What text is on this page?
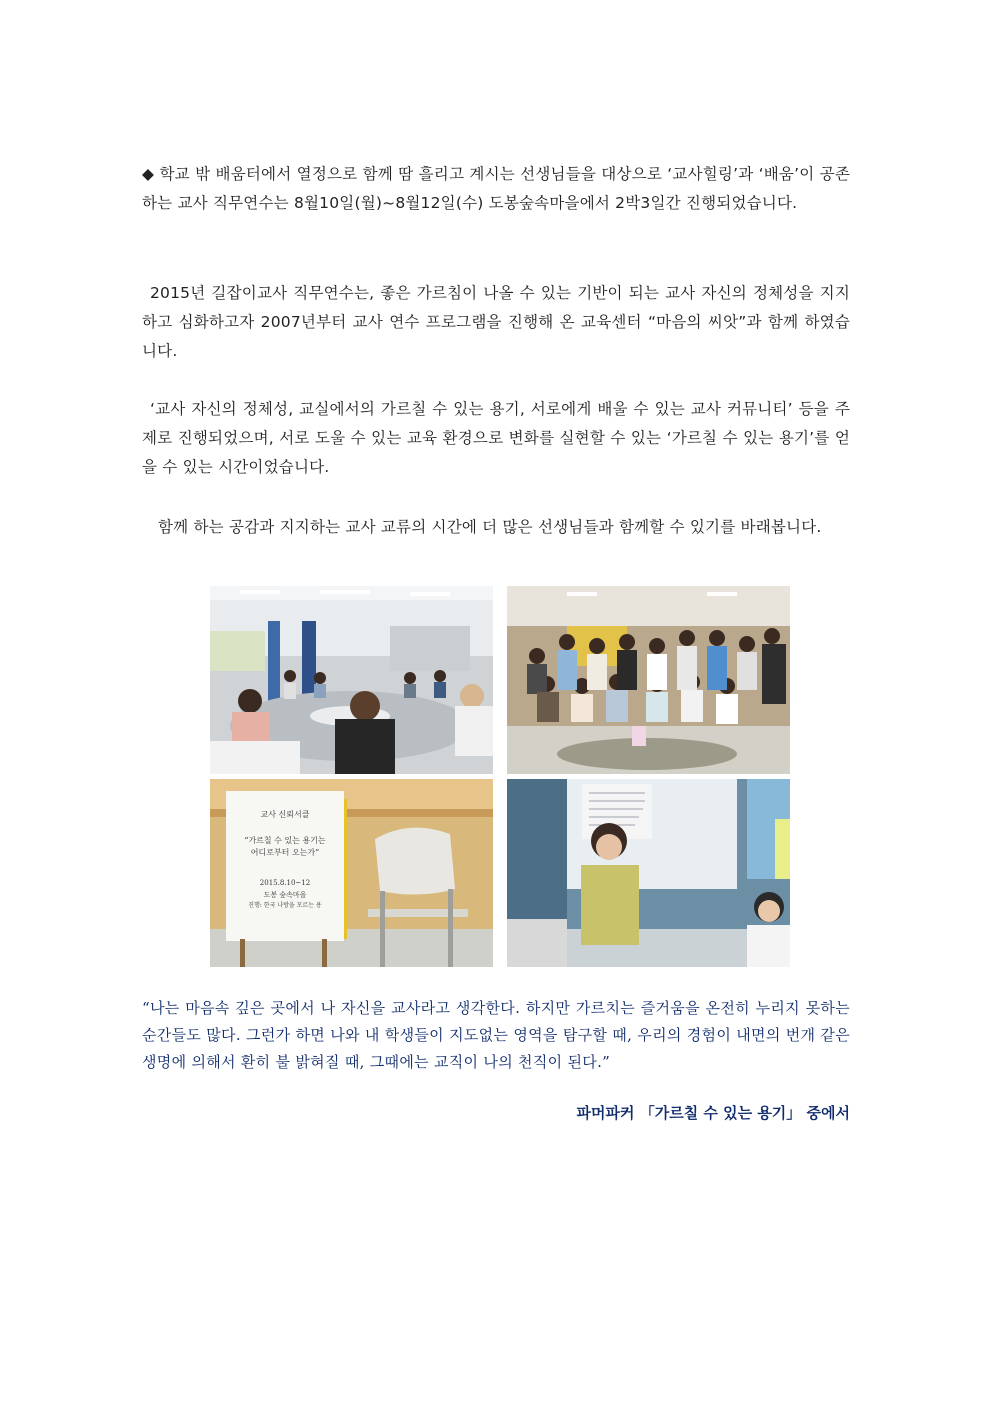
◆ 학교 밖 배움터에서 열정으로 함께 땀 흘리고 계시는 선생님들을 대상으로 ‘교사힐링’과 ‘배움’이 공존하는 교사 직무연수는 8월10일(월)~8월12일(수) 도봉숲속마을에서 2박3일간 진행되었습니다.

2015년 길잡이교사 직무연수는, 좋은 가르침이 나올 수 있는 기반이 되는 교사 자신의 정체성을 지지하고 심화하고자 2007년부터 교사 연수 프로그램을 진행해 온 교육센터 “마음의 씨앗”과 함께 하였습니다.

‘교사 자신의 정체성, 교실에서의 가르칠 수 있는 용기, 서로에게 배울 수 있는 교사 커뮤니티’ 등을 주제로 진행되었으며, 서로 도울 수 있는 교육 환경으로 변화를 실현할 수 있는 ‘가르칠 수 있는 용기’를 얻을 수 있는 시간이었습니다.

함께 하는 공감과 지지하는 교사 교류의 시간에 더 많은 선생님들과 함께할 수 있기를 바래봅니다.

교사 신뢰서클
“가르칠 수 있는 용기는
어디로부터 오는가”
2015.8.10~12
도봉 숲속마을
진행: 한국 나방을 모르는 용

“나는 마음속 깊은 곳에서 나 자신을 교사라고 생각한다. 하지만 가르치는 즐거움을 온전히 누리지 못하는 순간들도 많다. 그런가 하면 나와 내 학생들이 지도없는 영역을 탐구할 때, 우리의 경험이 내면의 번개 같은 생명에 의해서 환히 불 밝혀질 때, 그때에는 교직이 나의 천직이 된다.”

파머파커 「가르칠 수 있는 용기」 중에서
